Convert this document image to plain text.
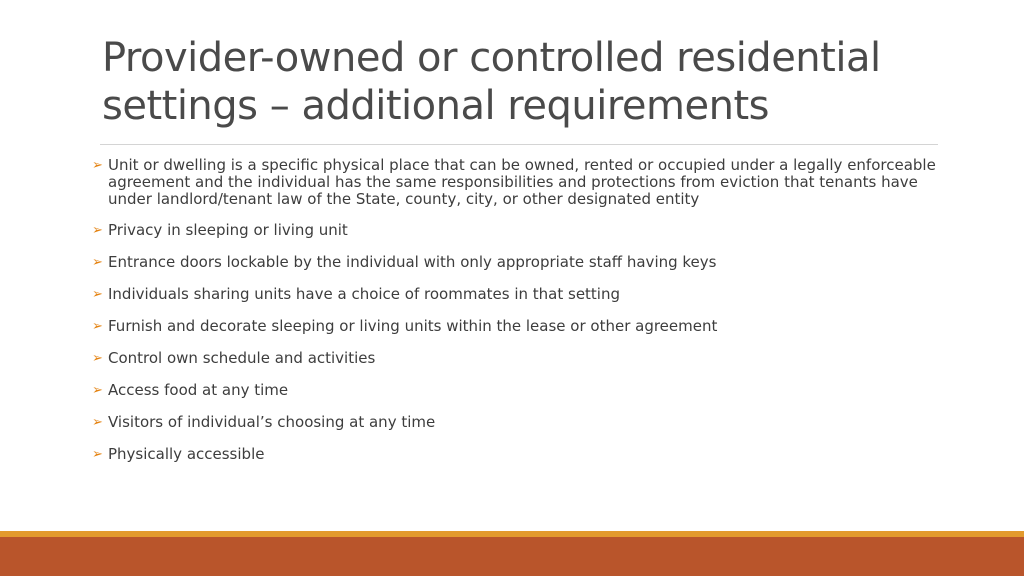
Provider-owned or controlled residential
settings – additional requirements
➢ Unit or dwelling is a specific physical place that can be owned, rented or occupied under a legally enforceable agreement and the individual has the same responsibilities and protections from eviction that tenants have under landlord/tenant law of the State, county, city, or other designated entity
➢ Privacy in sleeping or living unit
➢ Entrance doors lockable by the individual with only appropriate staff having keys
➢ Individuals sharing units have a choice of roommates in that setting
➢ Furnish and decorate sleeping or living units within the lease or other agreement
➢ Control own schedule and activities
➢ Access food at any time
➢ Visitors of individual’s choosing at any time
➢ Physically accessible
